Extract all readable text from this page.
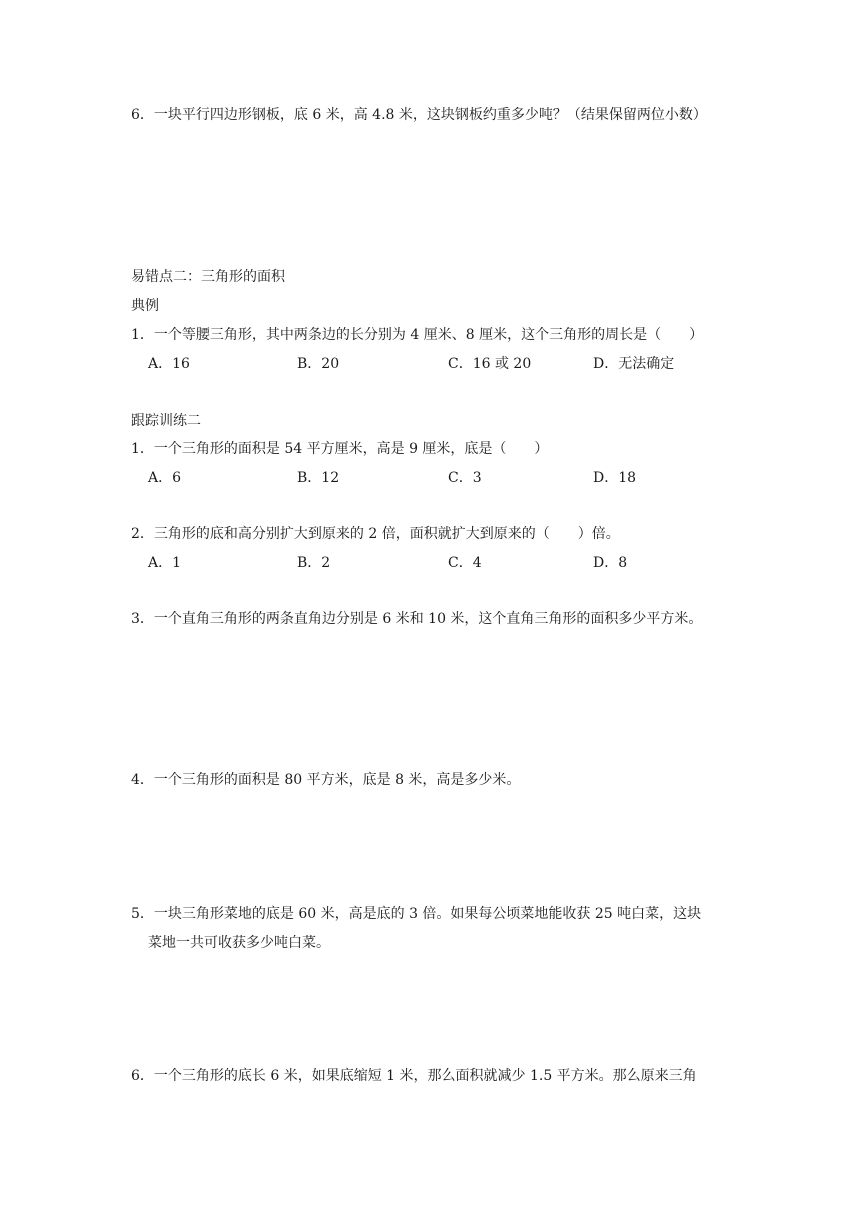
6．一块平行四边形钢板，底 6 米，高 4.8 米，这块钢板约重多少吨？（结果保留两位小数）
易错点二：三角形的面积
典例
1．一个等腰三角形，其中两条边的长分别为 4 厘米、8 厘米，这个三角形的周长是（　　）
A．16	B．20	C．16 或 20	D．无法确定
跟踪训练二
1．一个三角形的面积是 54 平方厘米，高是 9 厘米，底是（　　）
A．6	B．12	C．3	D．18
2．三角形的底和高分别扩大到原来的 2 倍，面积就扩大到原来的（　　）倍。
A．1	B．2	C．4	D．8
3．一个直角三角形的两条直角边分别是 6 米和 10 米，这个直角三角形的面积多少平方米。
4．一个三角形的面积是 80 平方米，底是 8 米，高是多少米。
5．一块三角形菜地的底是 60 米，高是底的 3 倍。如果每公顷菜地能收获 25 吨白菜，这块
菜地一共可收获多少吨白菜。
6．一个三角形的底长 6 米，如果底缩短 1 米，那么面积就减少 1.5 平方米。那么原来三角
